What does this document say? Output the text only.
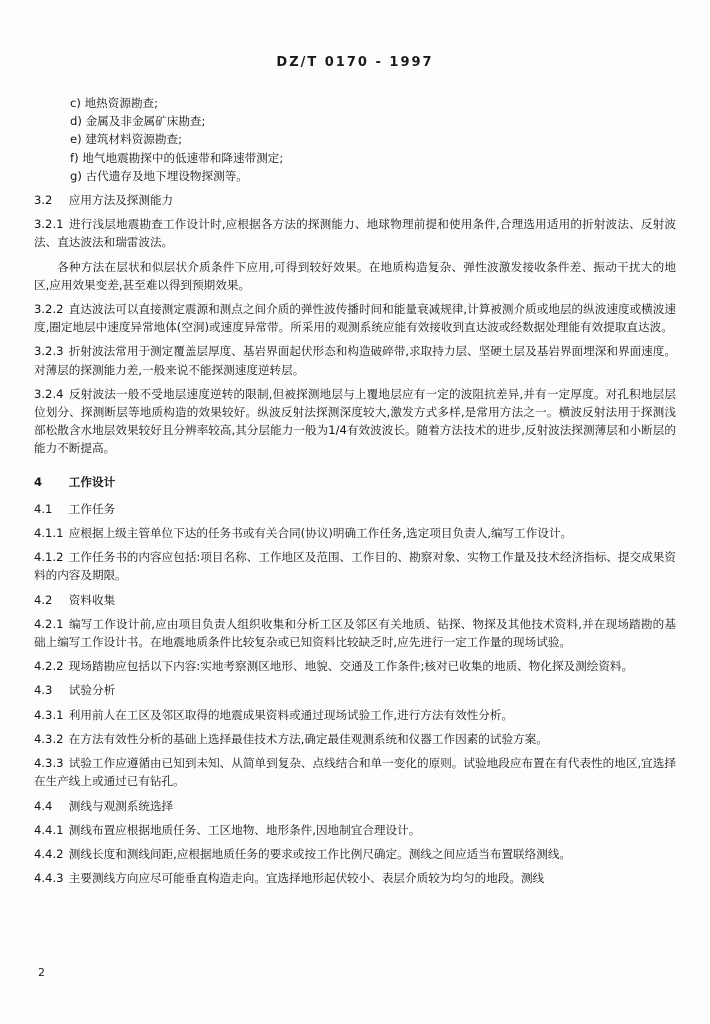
DZ/T 0170 - 1997

c) 地热资源勘查;

d) 金属及非金属矿床勘查;

e) 建筑材料资源勘查;

f) 地气地震勘探中的低速带和降速带测定;

g) 古代遗存及地下埋设物探测等。

3.2 应用方法及探测能力

3.2.1 进行浅层地震勘查工作设计时,应根据各方法的探测能力、地球物理前提和使用条件,合理选用适用的折射波法、反射波法、直达波法和瑞雷波法。

各种方法在层状和似层状介质条件下应用,可得到较好效果。在地质构造复杂、弹性波激发接收条件差、振动干扰大的地区,应用效果变差,甚至难以得到预期效果。

3.2.2 直达波法可以直接测定震源和测点之间介质的弹性波传播时间和能量衰减规律,计算被测介质或地层的纵波速度或横波速度,圈定地层中速度异常地体(空洞)或速度异常带。所采用的观测系统应能有效接收到直达波或经数据处理能有效提取直达波。

3.2.3 折射波法常用于测定覆盖层厚度、基岩界面起伏形态和构造破碎带,求取持力层、坚硬土层及基岩界面埋深和界面速度。对薄层的探测能力差,一般来说不能探测速度逆转层。

3.2.4 反射波法一般不受地层速度逆转的限制,但被探测地层与上覆地层应有一定的波阻抗差异,并有一定厚度。对孔积地层层位划分、探测断层等地质构造的效果较好。纵波反射法探测深度较大,激发方式多样,是常用方法之一。横波反射法用于探测浅部松散含水地层效果较好且分辨率较高,其分层能力一般为1/4有效波波长。随着方法技术的进步,反射波法探测薄层和小断层的能力不断提高。

4 工作设计

4.1 工作任务

4.1.1 应根据上级主管单位下达的任务书或有关合同(协议)明确工作任务,选定项目负责人,编写工作设计。

4.1.2 工作任务书的内容应包括:项目名称、工作地区及范围、工作目的、勘察对象、实物工作量及技术经济指标、提交成果资料的内容及期限。

4.2 资料收集

4.2.1 编写工作设计前,应由项目负责人组织收集和分析工区及邻区有关地质、钻探、物探及其他技术资料,并在现场踏勘的基础上编写工作设计书。在地震地质条件比较复杂或已知资料比较缺乏时,应先进行一定工作量的现场试验。

4.2.2 现场踏勘应包括以下内容:实地考察测区地形、地貌、交通及工作条件;核对已收集的地质、物化探及测绘资料。

4.3 试验分析

4.3.1 利用前人在工区及邻区取得的地震成果资料或通过现场试验工作,进行方法有效性分析。

4.3.2 在方法有效性分析的基础上选择最佳技术方法,确定最佳观测系统和仪器工作因素的试验方案。

4.3.3 试验工作应遵循由已知到未知、从简单到复杂、点线结合和单一变化的原则。试验地段应布置在有代表性的地区,宜选择在生产线上或通过已有钻孔。

4.4 测线与观测系统选择

4.4.1 测线布置应根据地质任务、工区地物、地形条件,因地制宜合理设计。

4.4.2 测线长度和测线间距,应根据地质任务的要求或按工作比例尺确定。测线之间应适当布置联络测线。

4.4.3 主要测线方向应尽可能垂直构造走向。宜选择地形起伏较小、表层介质较为均匀的地段。测线

2
